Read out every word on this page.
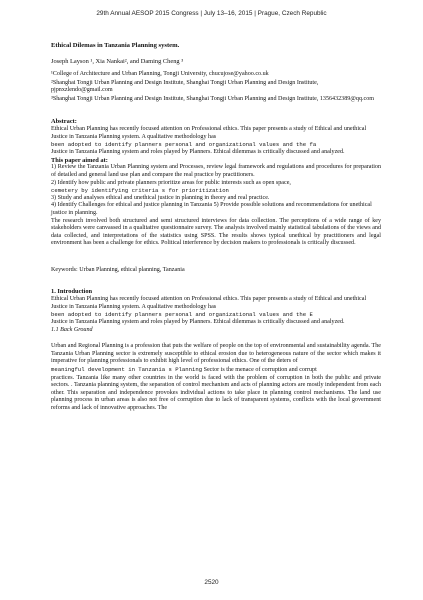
29th Annual AESOP 2015 Congress | July 13–16, 2015 | Prague, Czech Republic

Ethical Dilemas in Tanzania Planning system.

Joseph Layson ¹, Xia Nankai², and Daming Cheng ³

¹College of Architecture and Urban Planning, Tongji University, chucujose@yahoo.co.uk

²Shanghai Tongji Urban Planning and Design Institute, Shanghai Tongji Urban Planning and Design Institute, pjpnxzlendo@gmail.com

³Shanghai Tongji Urban Planning and Design Institute, Shanghai Tongji Urban Planning and Design Institute, 1356432389@qq.com

Abstract:

Ethical Urban Planning has recently focused attention on Professional ethics. This paper presents a study of Ethical and unethical Justice in Tanzania Planning system. A qualitative methodology has

been adopted to identify planners personal and organizational values and the fa

Justice in Tanzania Planning system and roles played by Planners. Ethical dilemmas is critically discussed and analyzed.

This paper aimed at:

1) Review the Tanzania Urban Planning system and Processes, review legal framework and regulations and procedures for preparation of detailed and general land use plan and compare the real practice by practitioners.

2) Identify how public and private planners prioritize areas for public interests such as open space,

cemetery by identifying criteria s for prioritization

3) Study and analyses ethical and unethical justice in planning in theory and real practice.

4) Identify Challenges for ethical and justice planning in Tanzania 5) Provide possible solutions and recommendations for unethical justice in planning.

The research involved both structured and semi structured interviews for data collection. The perceptions of a wide range of key stakeholders were canvassed in a qualitative questionnaire survey. The analysis involved mainly statistical tabulations of the views and data collected, and interpretations of the statistics using SPSS. The results shows typical unethical by practitioners and legal environment has been a challenge for ethics. Political interference by decision makers to professionals is critically discussed.

Keywords: Urban Planning, ethical planning, Tanzania

1. Introduction

Ethical Urban Planning has recently focused attention on Professional ethics. This paper presents a study of Ethical and unethical Justice in Tanzania Planning system. A qualitative methodology has

been adopted to identify planners personal and organizational values and the E

Justice in Tanzania Planning system and roles played by Planners. Ethical dilemmas is critically discussed and analyzed.

1.1 Back Ground

Urban and Regional Planning is a profession that puts the welfare of people on the top of environmental and sustainability agenda. The Tanzania Urban Planning sector is extremely susceptible to ethical erosion due to heterogeneous nature of the sector which makes it imperative for planning professionals to exhibit high level of professional ethics. One of the deters of

meaningful development in Tanzania s Planning Sector is the menace of corruption and corrupt

practices. Tanzania like many other countries in the world is faced with the problem of corruption in both the public and private sectors. . Tanzania planning system, the separation of control mechanism and acts of planning actors are mostly independent from each other. This separation and independence provokes individual actions to take place in planning control mechanisms. The land use planning process in urban areas is also not free of corruption due to lack of transparent systems, conflicts with the local government reforms and lack of innovative approaches. The

2520
